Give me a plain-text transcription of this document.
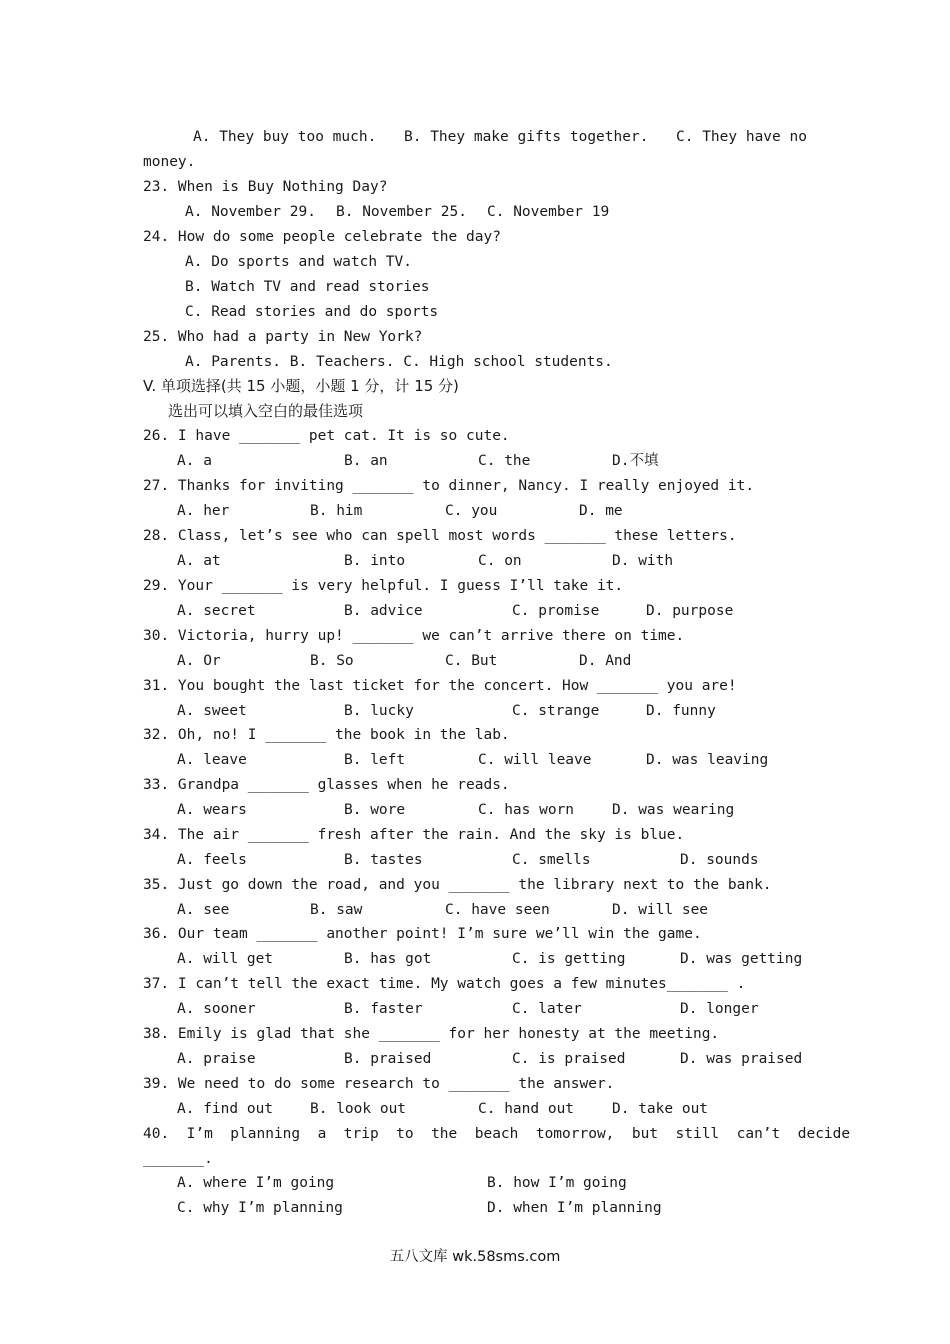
A. They buy too much. B. They make gifts together. C. They have no
money.
23. When is Buy Nothing Day?
A. November 29. B. November 25. C. November 19
24. How do some people celebrate the day?
A. Do sports and watch TV.
B. Watch TV and read stories
C. Read stories and do sports
25. Who had a party in New York?
A. Parents. B. Teachers. C. High school students.
V. 单项选择(共 15 小题，小题 1 分，计 15 分)
选出可以填入空白的最佳选项
26. I have _______ pet cat. It is so cute.
A. a	B. an	C. the	D.不填
27. Thanks for inviting _______ to dinner, Nancy. I really enjoyed it.
A. her	B. him	C. you	D. me
28. Class, let’s see who can spell most words _______ these letters.
A. at	B. into	C. on	D. with
29. Your _______ is very helpful. I guess I’ll take it.
A. secret	B. advice	C. promise	D. purpose
30. Victoria, hurry up! _______ we can’t arrive there on time.
A. Or	B. So	C. But	D. And
31. You bought the last ticket for the concert. How _______ you are!
A. sweet	B. lucky	C. strange	D. funny
32. Oh, no! I _______ the book in the lab.
A. leave	B. left	C. will leave	D. was leaving
33. Grandpa _______ glasses when he reads.
A. wears	B. wore	C. has worn	D. was wearing
34. The air _______ fresh after the rain. And the sky is blue.
A. feels	B. tastes	C. smells	D. sounds
35. Just go down the road, and you _______ the library next to the bank.
A. see	B. saw	C. have seen	D. will see
36. Our team _______ another point! I’m sure we’ll win the game.
A. will get	B. has got	C. is getting	D. was getting
37. I can’t tell the exact time. My watch goes a few minutes_______ .
A. sooner	B. faster	C. later	D. longer
38. Emily is glad that she _______ for her honesty at the meeting.
A. praise	B. praised	C. is praised	D. was praised
39. We need to do some research to _______ the answer.
A. find out	B. look out	C. hand out	D. take out
40.  I’m  planning  a  trip  to  the  beach  tomorrow,  but  still  can’t  decide
_______.
A. where I’m going	B. how I’m going
C. why I’m planning	D. when I’m planning
五八文库 wk.58sms.com
